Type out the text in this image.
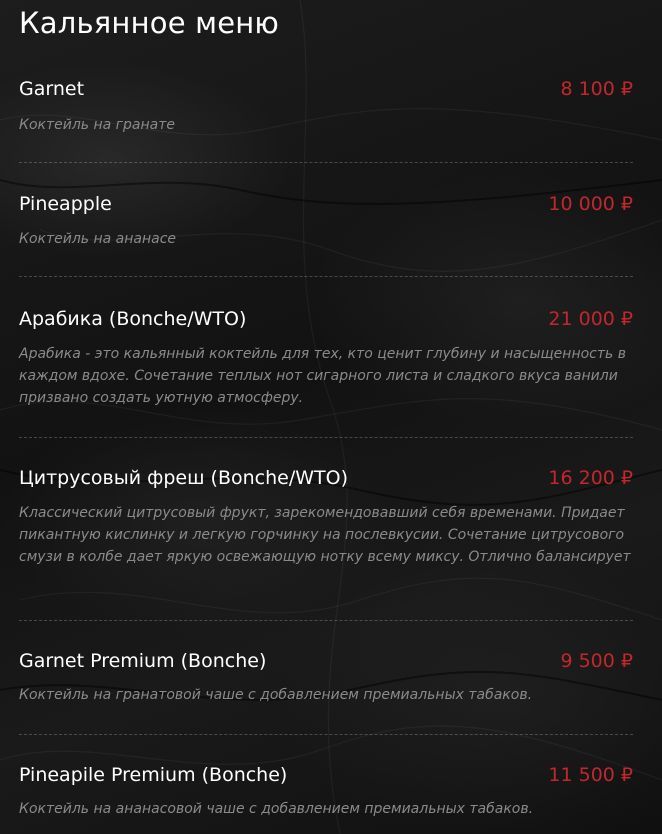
Кальянное меню
Garnet	8 100 ₽
Коктейль на гранате
Pineapple	10 000 ₽
Коктейль на ананасе
Арабика (Bonche/WTO)	21 000 ₽
Арабика - это кальянный коктейль для тех, кто ценит глубину и насыщенность в каждом вдохе. Сочетание теплых нот сигарного листа и сладкого вкуса ванили призвано создать уютную атмосферу.
Цитрусовый фреш (Bonche/WTO)	16 200 ₽
Классический цитрусовый фрукт, зарекомендовавший себя временами. Придает пикантную кислинку и легкую горчинку на послевкусии. Сочетание цитрусового смузи в колбе дает яркую освежающую нотку всему миксу. Отлично балансирует
Garnet Premium (Bonche)	9 500 ₽
Коктейль на гранатовой чаше с добавлением премиальных табаков.
Pineapile Premium (Bonche)	11 500 ₽
Коктейль на ананасовой чаше с добавлением премиальных табаков.
